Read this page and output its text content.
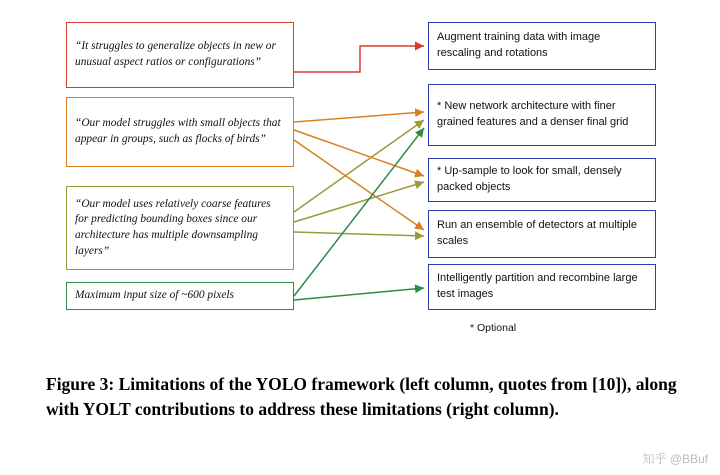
“It struggles to generalize objects in new or unusual aspect ratios or configurations”
“Our model struggles with small objects that appear in groups, such as flocks of birds”
“Our model uses relatively coarse features for predicting bounding boxes since our architecture has multiple downsampling layers”
Maximum input size of ~600 pixels
Augment training data with image rescaling and rotations
* New network architecture with finer grained features and a denser final grid
* Up-sample to look for small, densely packed objects
Run an ensemble of detectors at multiple scales
Intelligently partition and recombine large test images
* Optional
Figure 3: Limitations of the YOLO framework (left column, quotes from [10]), along with YOLT contributions to address these limitations (right column).
知乎 @BBuf
